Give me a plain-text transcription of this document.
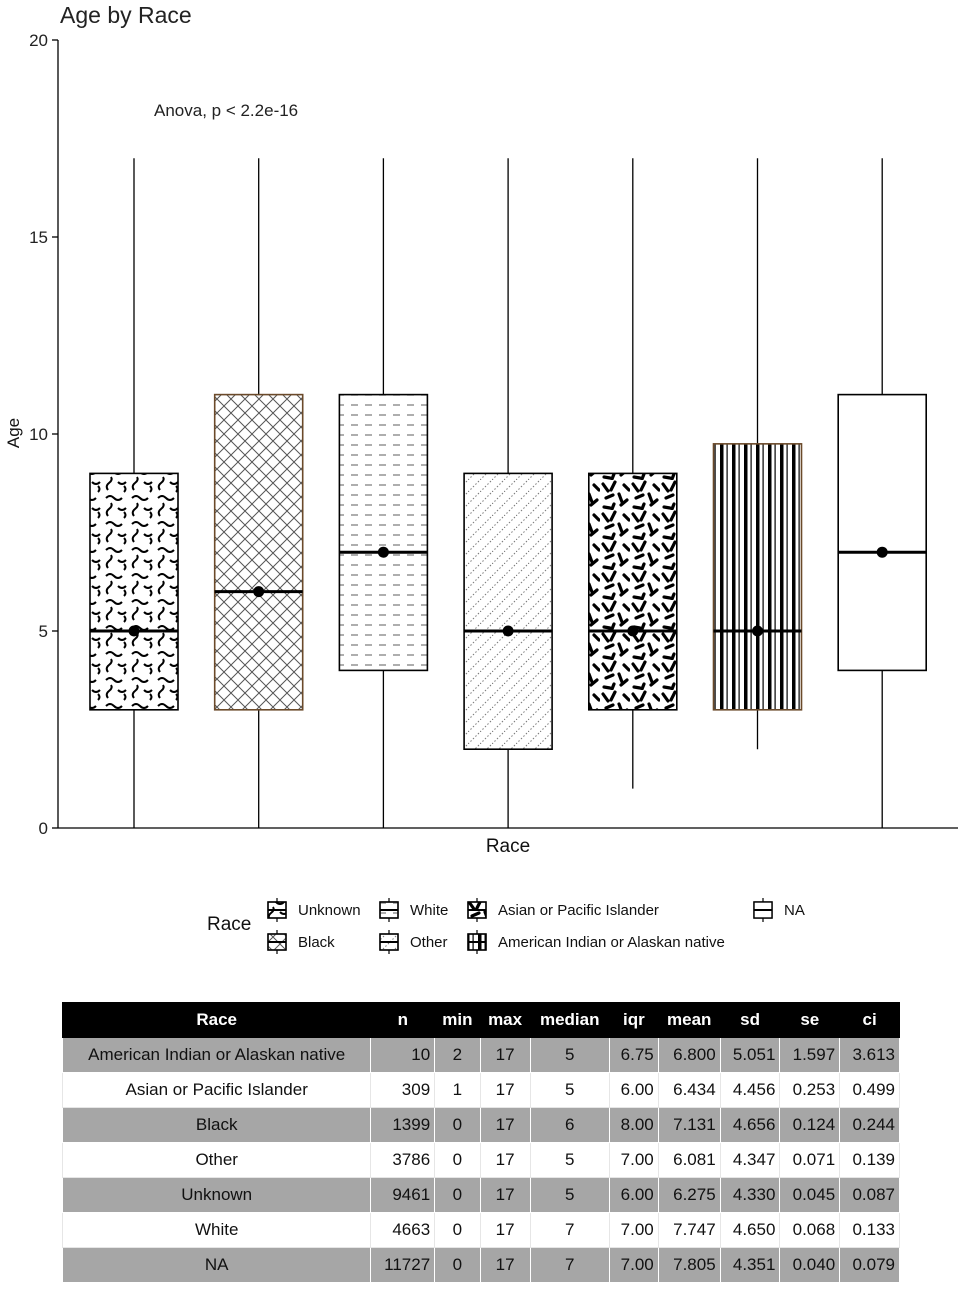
Age by Race
0
5
10
15
20
Anova, p < 2.2e-16
Age
Race
Race
Unknown
Black
White
Other
Asian or Pacific Islander
American Indian or Alaskan native
NA
Race	n	min	max	median	iqr	mean	sd	se	ci
American Indian or Alaskan native	10	2	17	5	6.75	6.800	5.051	1.597	3.613
Asian or Pacific Islander	309	1	17	5	6.00	6.434	4.456	0.253	0.499
Black	1399	0	17	6	8.00	7.131	4.656	0.124	0.244
Other	3786	0	17	5	7.00	6.081	4.347	0.071	0.139
Unknown	9461	0	17	5	6.00	6.275	4.330	0.045	0.087
White	4663	0	17	7	7.00	7.747	4.650	0.068	0.133
NA	11727	0	17	7	7.00	7.805	4.351	0.040	0.079
